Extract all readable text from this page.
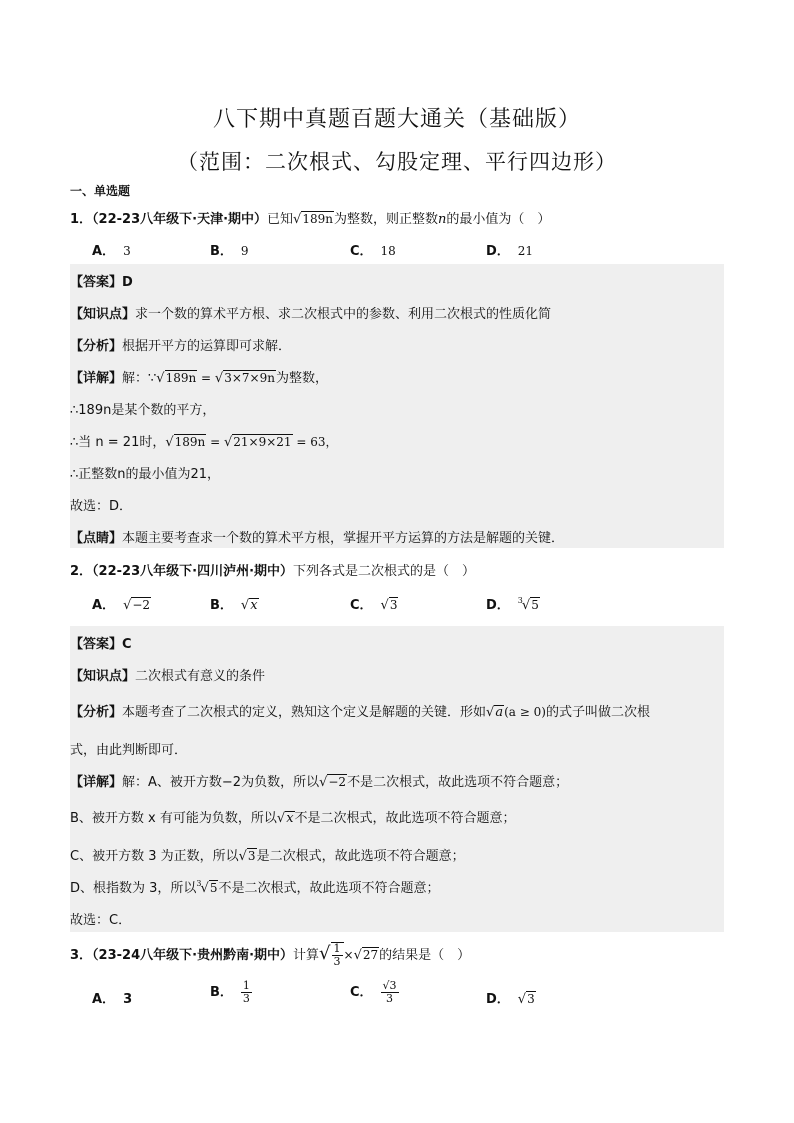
八下期中真题百题大通关（基础版）
（范围：二次根式、勾股定理、平行四边形）
一、单选题
1．（22-23八年级下·天津·期中）已知√189n为整数，则正整数n的最小值为（　）
A． 3	B． 9	C． 18	D． 21
【答案】D
【知识点】求一个数的算术平方根、求二次根式中的参数、利用二次根式的性质化简
【分析】根据开平方的运算即可求解．
【详解】解：∵√189n = √3×7×9n为整数，
∴189n是某个数的平方，
∴当 n = 21时，√189n = √21×9×21 = 63，
∴正整数n的最小值为21，
故选：D．
【点睛】本题主要考查求一个数的算术平方根，掌握开平方运算的方法是解题的关键．
2．（22-23八年级下·四川泸州·期中）下列各式是二次根式的是（　）
A． √−2	B． √x	C． √3	D． $^3$√5
【答案】C
【知识点】二次根式有意义的条件
【分析】本题考查了二次根式的定义，熟知这个定义是解题的关键．形如√a(a ≥ 0)的式子叫做二次根
式，由此判断即可．
【详解】解：A、被开方数−2为负数，所以√−2不是二次根式，故此选项不符合题意；
B、被开方数 x 有可能为负数，所以√x不是二次根式，故此选项不符合题意；
C、被开方数 3 为正数，所以√3是二次根式，故此选项不符合题意；
D、根指数为 3，所以$^3$√5不是二次根式，故此选项不符合题意；
故选：C．
3．（23-24八年级下·贵州黔南·期中）计算√ $\frac{1}{3} \times√27$的结果是（　）
A． 3	B． $\frac{1}{3}$	C． $\frac{√3}{3}$	D． √3
